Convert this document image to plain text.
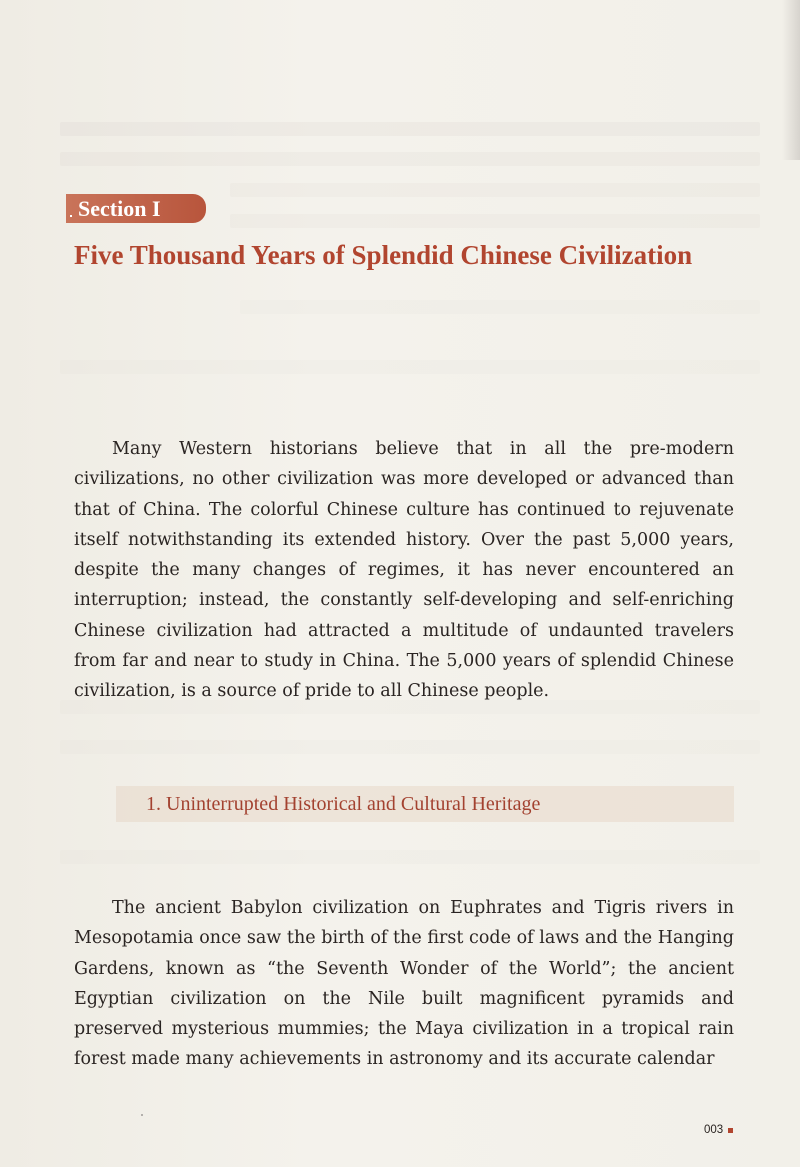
Section I
Five Thousand Years of Splendid Chinese Civilization

Many Western historians believe that in all the pre-modern civilizations, no other civilization was more developed or advanced than that of China. The colorful Chinese culture has continued to rejuvenate itself notwithstanding its extended history. Over the past 5,000 years, despite the many changes of regimes, it has never encountered an interruption; instead, the constantly self-developing and self-enriching Chinese civilization had attracted a multitude of undaunted travelers from far and near to study in China. The 5,000 years of splendid Chinese civilization, is a source of pride to all Chinese people.

1. Uninterrupted Historical and Cultural Heritage

The ancient Babylon civilization on Euphrates and Tigris rivers in Mesopotamia once saw the birth of the first code of laws and the Hanging Gardens, known as “the Seventh Wonder of the World”; the ancient Egyptian civilization on the Nile built magnificent pyramids and preserved mysterious mummies; the Maya civilization in a tropical rain forest made many achievements in astronomy and its accurate calendar

003
